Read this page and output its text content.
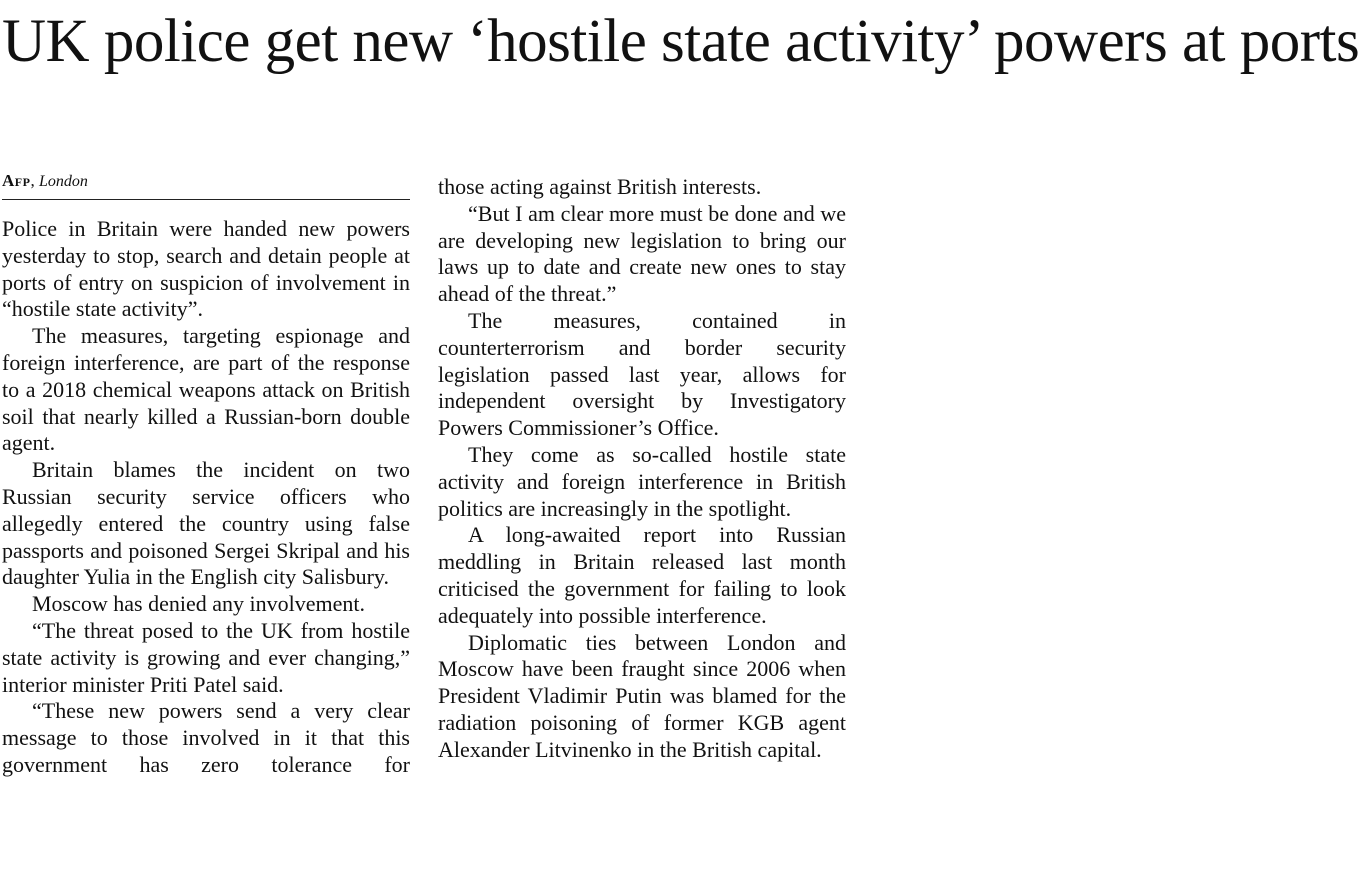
UK police get new ‘hostile state activity’ powers at ports
Afp, London

Police in Britain were handed new powers yesterday to stop, search and detain people at ports of entry on suspicion of involvement in “hostile state activity”.

The measures, targeting espionage and foreign interference, are part of the response to a 2018 chemical weapons attack on British soil that nearly killed a Russian-born double agent.

Britain blames the incident on two Russian security service officers who allegedly entered the country using false passports and poisoned Sergei Skripal and his daughter Yulia in the English city Salisbury.

Moscow has denied any involvement.

“The threat posed to the UK from hostile state activity is growing and ever changing,” interior minister Priti Patel said.

“These new powers send a very clear message to those involved in it that this government has zero tolerance for

those acting against British interests.

“But I am clear more must be done and we are developing new legislation to bring our laws up to date and create new ones to stay ahead of the threat.”

The measures, contained in counterterrorism and border security legislation passed last year, allows for independent oversight by Investigatory Powers Commissioner’s Office.

They come as so-called hostile state activity and foreign interference in British politics are increasingly in the spotlight.

A long-awaited report into Russian meddling in Britain released last month criticised the government for failing to look adequately into possible interference.

Diplomatic ties between London and Moscow have been fraught since 2006 when President Vladimir Putin was blamed for the radiation poisoning of former KGB agent Alexander Litvinenko in the British capital.
